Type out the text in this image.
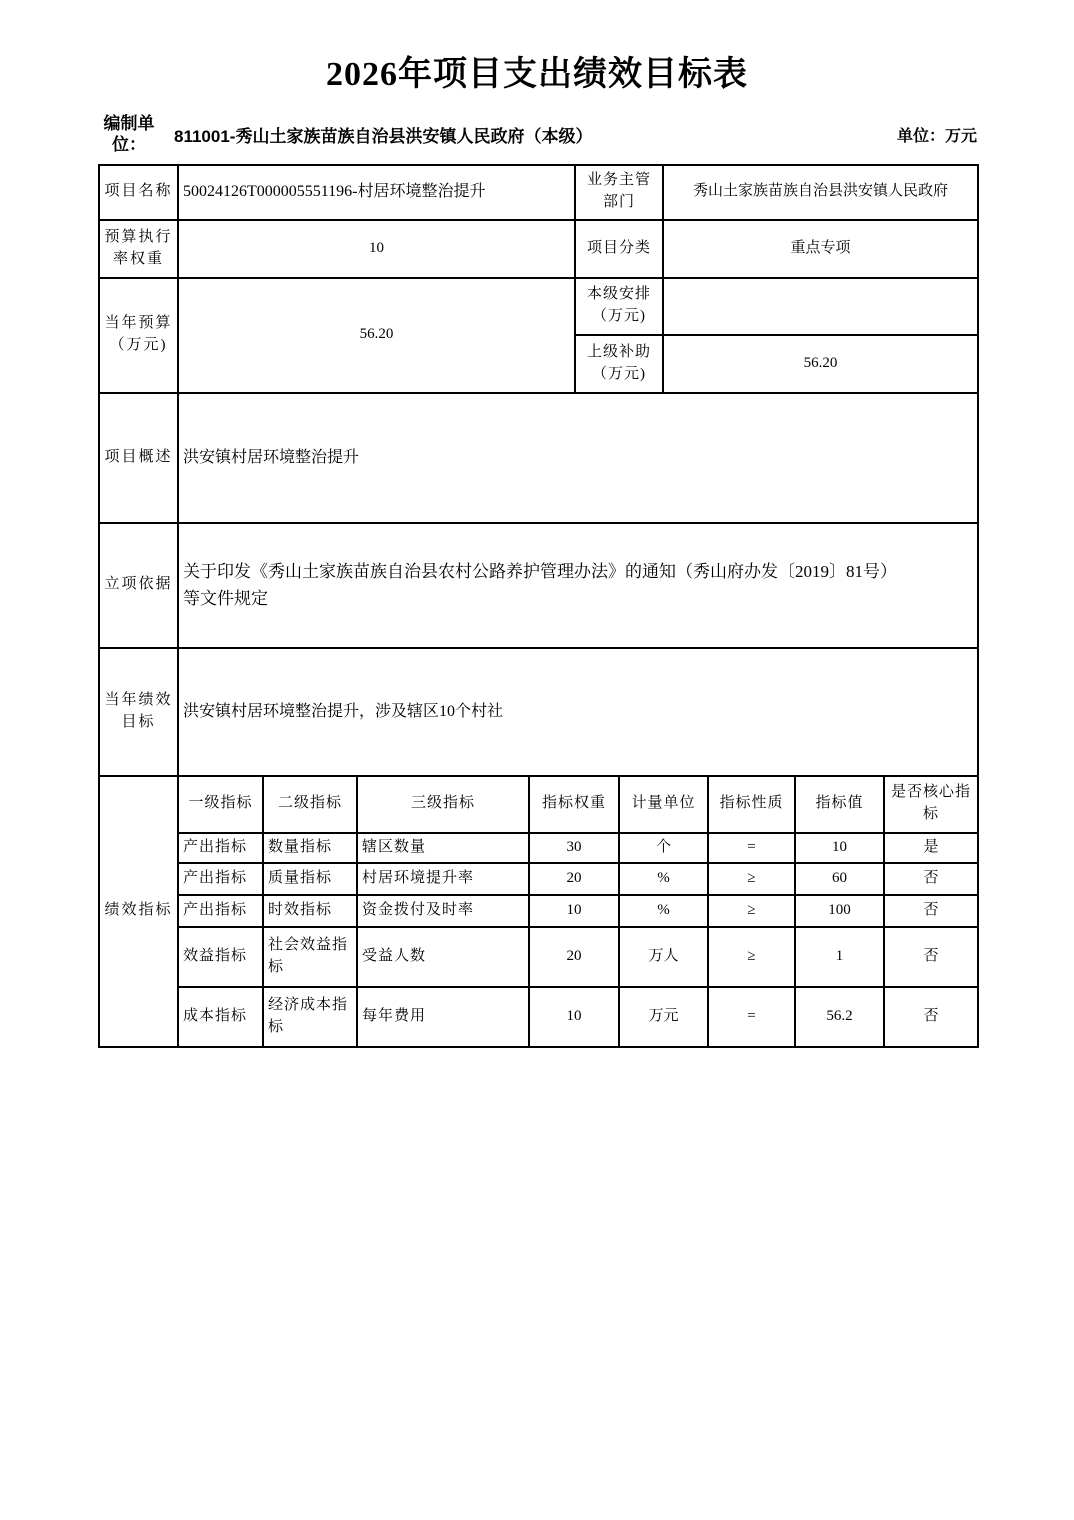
2026年项目支出绩效目标表
编制单位：	811001-秀山土家族苗族自治县洪安镇人民政府（本级）	单位：万元
项目名称	50024126T000005551196-村居环境整治提升				业务主管部门		秀山土家族苗族自治县洪安镇人民政府			

预算执行率权重	10				项目分类		重点专项			
当年预算（万元)	56.20				本级安排（万元)					
					上级补助（万元)		56.20			
项目概述	洪安镇村居环境整治提升									

立项依据	关于印发《秀山土家族苗族自治县农村公路养护管理办法》的通知（秀山府办发〔2019〕81号）等文件规定									

当年绩效目标	洪安镇村居环境整治提升，涉及辖区10个村社									

绩效指标	一级指标	二级指标	三级指标	指标权重		计量单位		指标性质	指标值	是否核心指标
	产出指标	数量指标	辖区数量	30		个		=	10	是
	产出指标	质量指标	村居环境提升率	20		%		≥	60	否
	产出指标	时效指标	资金拨付及时率	10		%		≥	100	否
	效益指标	社会效益指标	受益人数	20		万人		≥	1	否
	成本指标	经济成本指标	每年费用	10		万元		=	56.2	否
